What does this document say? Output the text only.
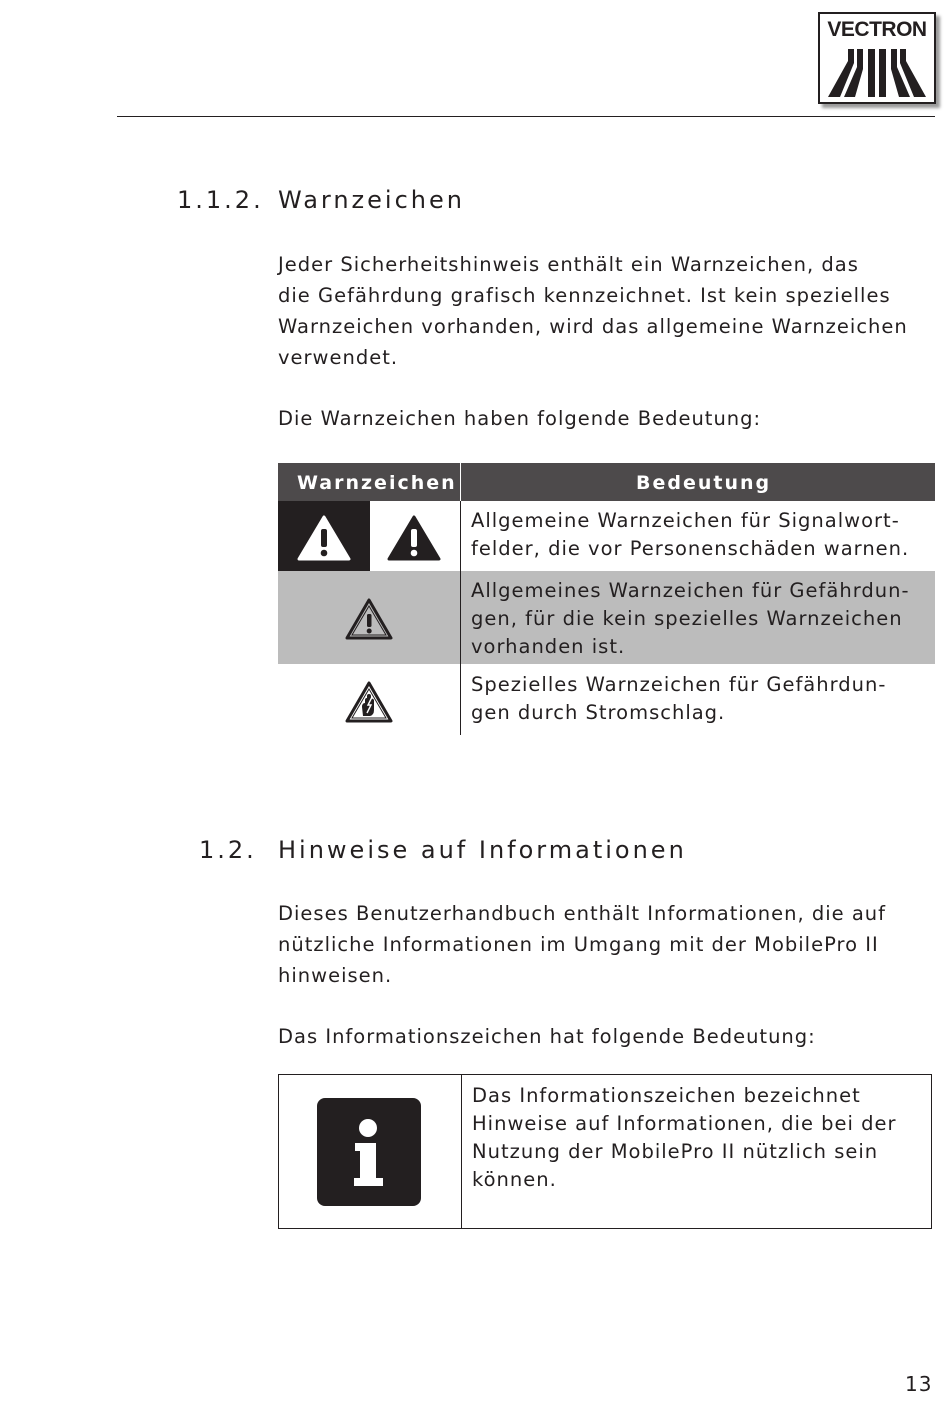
VECTRON
1.1.2. Warnzeichen

Jeder Sicherheitshinweis enthält ein Warnzeichen, das
die Gefährdung grafisch kennzeichnet. Ist kein spezielles
Warnzeichen vorhanden, wird das allgemeine Warnzeichen
verwendet.

Die Warnzeichen haben folgende Bedeutung:

Warnzeichen	Bedeutung
Allgemeine Warnzeichen für Signalwort-
felder, die vor Personenschäden warnen.
Allgemeines Warnzeichen für Gefährdun-
gen, für die kein spezielles Warnzeichen
vorhanden ist.
Spezielles Warnzeichen für Gefährdun-
gen durch Stromschlag.
1.2. Hinweise auf Informationen

Dieses Benutzerhandbuch enthält Informationen, die auf
nützliche Informationen im Umgang mit der MobilePro II
hinweisen.

Das Informationszeichen hat folgende Bedeutung:

Das Informationszeichen bezeichnet
Hinweise auf Informationen, die bei der
Nutzung der MobilePro II nützlich sein
können.
13
